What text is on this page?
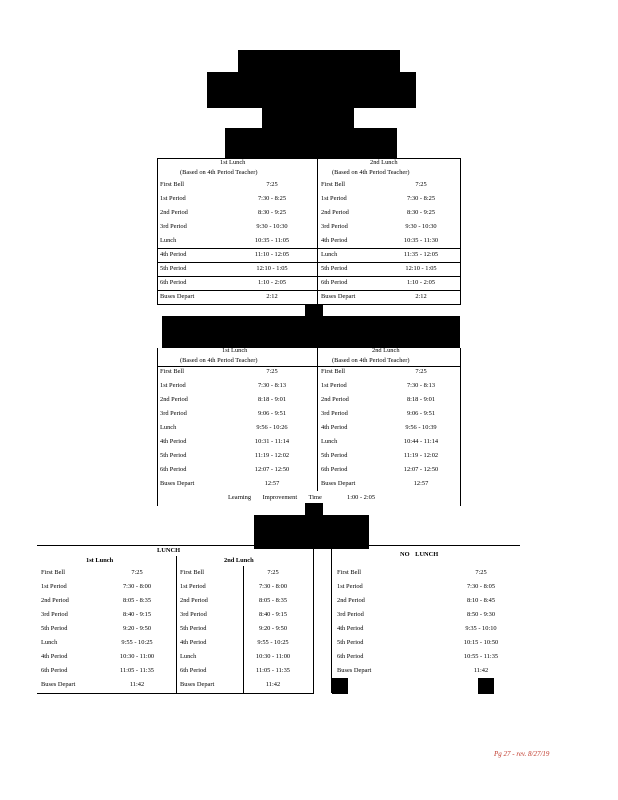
1st Lunch	2nd Lunch
(Based on 4th Period Teacher)	(Based on 4th Period Teacher)
First Bell	7:25
1st Period	7:30 - 8:25
2nd Period	8:30 - 9:25
3rd Period	9:30 - 10:30
Lunch	10:35 - 11:05
4th Period	11:10 - 12:05
5th Period	12:10 - 1:05
6th Period	1:10 - 2:05
Buses Depart	2:12
First Bell	7:25
1st Period	7:30 - 8:25
2nd Period	8:30 - 9:25
3rd Period	9:30 - 10:30
4th Period	10:35 - 11:30
Lunch	11:35 - 12:05
5th Period	12:10 - 1:05
6th Period	1:10 - 2:05
Buses Depart	2:12
1st Lunch	2nd Lunch
(Based on 4th Period Teacher)	(Based on 4th Period Teacher)
First Bell	7:25
1st Period	7:30 - 8:13
2nd Period	8:18 - 9:01
3rd Period	9:06 - 9:51
Lunch	9:56 - 10:26
4th Period	10:31 - 11:14
5th Period	11:19 - 12:02
6th Period	12:07 - 12:50
Buses Depart	12:57
First Bell	7:25
1st Period	7:30 - 8:13
2nd Period	8:18 - 9:01
3rd Period	9:06 - 9:51
4th Period	9:56 - 10:39
Lunch	10:44 - 11:14
5th Period	11:19 - 12:02
6th Period	12:07 - 12:50
Buses Depart	12:57
Learning Improvement Time	1:00 - 2:05
LUNCH
1st Lunch	2nd Lunch
NO LUNCH
First Bell	7:25
1st Period	7:30 - 8:00
2nd Period	8:05 - 8:35
3rd Period	8:40 - 9:15
5th Period	9:20 - 9:50
Lunch	9:55 - 10:25
4th Period	10:30 - 11:00
6th Period	11:05 - 11:35
Buses Depart	11:42
First Bell	7:25
1st Period	7:30 - 8:00
2nd Period	8:05 - 8:35
3rd Period	8:40 - 9:15
5th Period	9:20 - 9:50
4th Period	9:55 - 10:25
Lunch	10:30 - 11:00
6th Period	11:05 - 11:35
Buses Depart	11:42
First Bell	7:25
1st Period	7:30 - 8:05
2nd Period	8:10 - 8:45
3rd Period	8:50 - 9:30
4th Period	9:35 - 10:10
5th Period	10:15 - 10:50
6th Period	10:55 - 11:35
Buses Depart	11:42
Pg 27 - rev. 8/27/19
